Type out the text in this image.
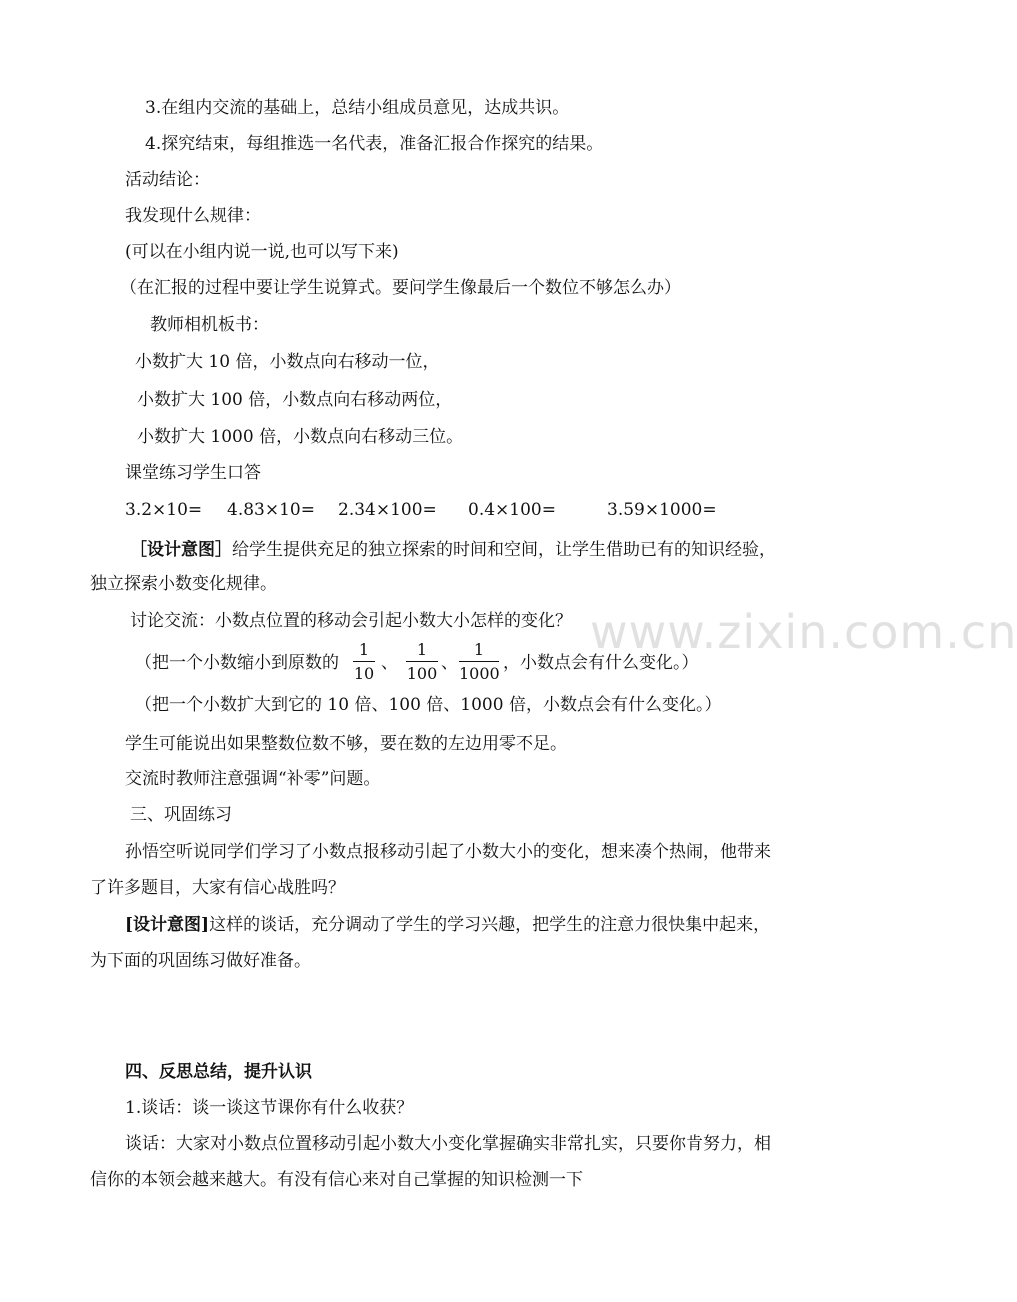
www.zixin.com.cn
3.在组内交流的基础上，总结小组成员意见，达成共识。
4.探究结束，每组推选一名代表，准备汇报合作探究的结果。
活动结论：
我发现什么规律：
(可以在小组内说一说,也可以写下来)
（在汇报的过程中要让学生说算式。要问学生像最后一个数位不够怎么办）
教师相机板书：
小数扩大 10 倍，小数点向右移动一位，
小数扩大 100 倍，小数点向右移动两位，
小数扩大 1000 倍，小数点向右移动三位。
课堂练习学生口答
3.2×10= 4.83×10= 2.34×100= 0.4×100=	3.59×1000=
［设计意图］给学生提供充足的独立探索的时间和空间，让学生借助已有的知识经验，
独立探索小数变化规律。
讨论交流：小数点位置的移动会引起小数大小怎样的变化？
（把一个小数缩小到原数的
1
10
、
1
100
、
1
1000
，小数点会有什么变化。）
（把一个小数扩大到它的 10 倍、100 倍、1000 倍，小数点会有什么变化。）
学生可能说出如果整数位数不够，要在数的左边用零不足。
交流时教师注意强调“补零”问题。
三、巩固练习
孙悟空听说同学们学习了小数点报移动引起了小数大小的变化，想来凑个热闹，他带来
了许多题目，大家有信心战胜吗？
[设计意图]这样的谈话，充分调动了学生的学习兴趣，把学生的注意力很快集中起来，
为下面的巩固练习做好准备。
四、反思总结，提升认识
1.谈话：谈一谈这节课你有什么收获？
谈话：大家对小数点位置移动引起小数大小变化掌握确实非常扎实，只要你肯努力，相
信你的本领会越来越大。有没有信心来对自己掌握的知识检测一下
